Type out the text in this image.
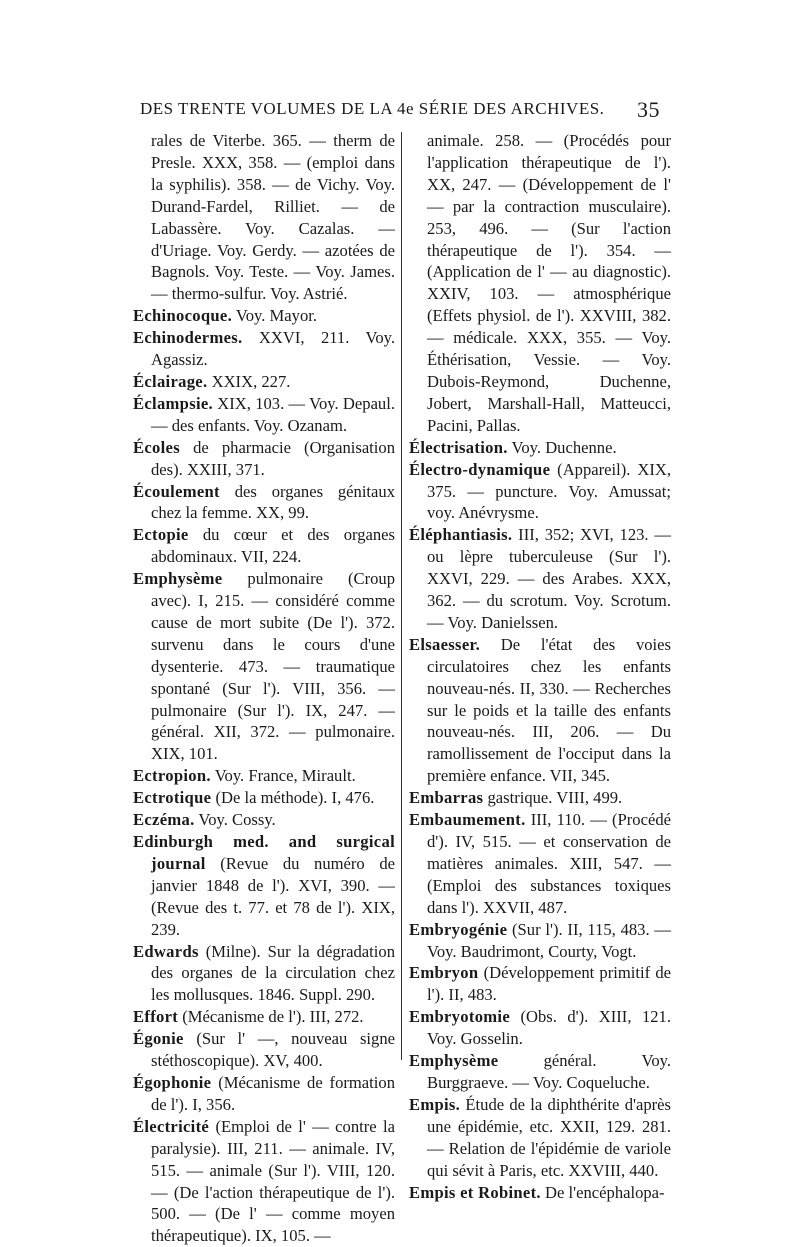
DES TRENTE VOLUMES DE LA 4e SÉRIE DES ARCHIVES. 35

rales de Viterbe. 365. — therm de Presle. XXX, 358. — (emploi dans la syphilis). 358. — de Vichy. Voy. Durand-Fardel, Rilliet. — de Labassère. Voy. Cazalas. — d'Uriage. Voy. Gerdy. — azotées de Bagnols. Voy. Teste. — Voy. James. — thermo-sulfur. Voy. Astrié.

Echinocoque. Voy. Mayor.

Echinodermes. XXVI, 211. Voy. Agassiz.

Éclairage. XXIX, 227.

Éclampsie. XIX, 103. — Voy. Depaul. — des enfants. Voy. Ozanam.

Écoles de pharmacie (Organisation des). XXIII, 371.

Écoulement des organes génitaux chez la femme. XX, 99.

Ectopie du cœur et des organes abdominaux. VII, 224.

Emphysème pulmonaire (Croup avec). I, 215. — considéré comme cause de mort subite (De l'). 372. survenu dans le cours d'une dysenterie. 473. — traumatique spontané (Sur l'). VIII, 356. — pulmonaire (Sur l'). IX, 247. — général. XII, 372. — pulmonaire. XIX, 101.

Ectropion. Voy. France, Mirault.

Ectrotique (De la méthode). I, 476.

Eczéma. Voy. Cossy.

Edinburgh med. and surgical journal (Revue du numéro de janvier 1848 de l'). XVI, 390. — (Revue des t. 77. et 78 de l'). XIX, 239.

Edwards (Milne). Sur la dégradation des organes de la circulation chez les mollusques. 1846. Suppl. 290.

Effort (Mécanisme de l'). III, 272.

Égonie (Sur l' —, nouveau signe stéthoscopique). XV, 400.

Égophonie (Mécanisme de formation de l'). I, 356.

Électricité (Emploi de l' — contre la paralysie). III, 211. — animale. IV, 515. — animale (Sur l'). VIII, 120. — (De l'action thérapeutique de l'). 500. — (De l' — comme moyen thérapeutique). IX, 105. —

animale. 258. — (Procédés pour l'application thérapeutique de l'). XX, 247. — (Développement de l' — par la contraction musculaire). 253, 496. — (Sur l'action thérapeutique de l'). 354. — (Application de l' — au diagnostic). XXIV, 103. — atmosphérique (Effets physiol. de l'). XXVIII, 382. — médicale. XXX, 355. — Voy. Éthérisation, Vessie. — Voy. Dubois-Reymond, Duchenne, Jobert, Marshall-Hall, Matteucci, Pacini, Pallas.

Électrisation. Voy. Duchenne.

Électro-dynamique (Appareil). XIX, 375. — puncture. Voy. Amussat; voy. Anévrysme.

Éléphantiasis. III, 352; XVI, 123. — ou lèpre tuberculeuse (Sur l'). XXVI, 229. — des Arabes. XXX, 362. — du scrotum. Voy. Scrotum. — Voy. Danielssen.

Elsaesser. De l'état des voies circulatoires chez les enfants nouveau-nés. II, 330. — Recherches sur le poids et la taille des enfants nouveau-nés. III, 206. — Du ramollissement de l'occiput dans la première enfance. VII, 345.

Embarras gastrique. VIII, 499.

Embaumement. III, 110. — (Procédé d'). IV, 515. — et conservation de matières animales. XIII, 547. — (Emploi des substances toxiques dans l'). XXVII, 487.

Embryogénie (Sur l'). II, 115, 483. — Voy. Baudrimont, Courty, Vogt.

Embryon (Développement primitif de l'). II, 483.

Embryotomie (Obs. d'). XIII, 121. Voy. Gosselin.

Emphysème	général. Voy. Burggraeve. — Voy. Coqueluche.

Empis. Étude de la diphthérite d'après une épidémie, etc. XXII, 129. 281. — Relation de l'épidémie de variole qui sévit à Paris, etc. XXVIII, 440.

Empis et Robinet. De l'encéphalopa-
